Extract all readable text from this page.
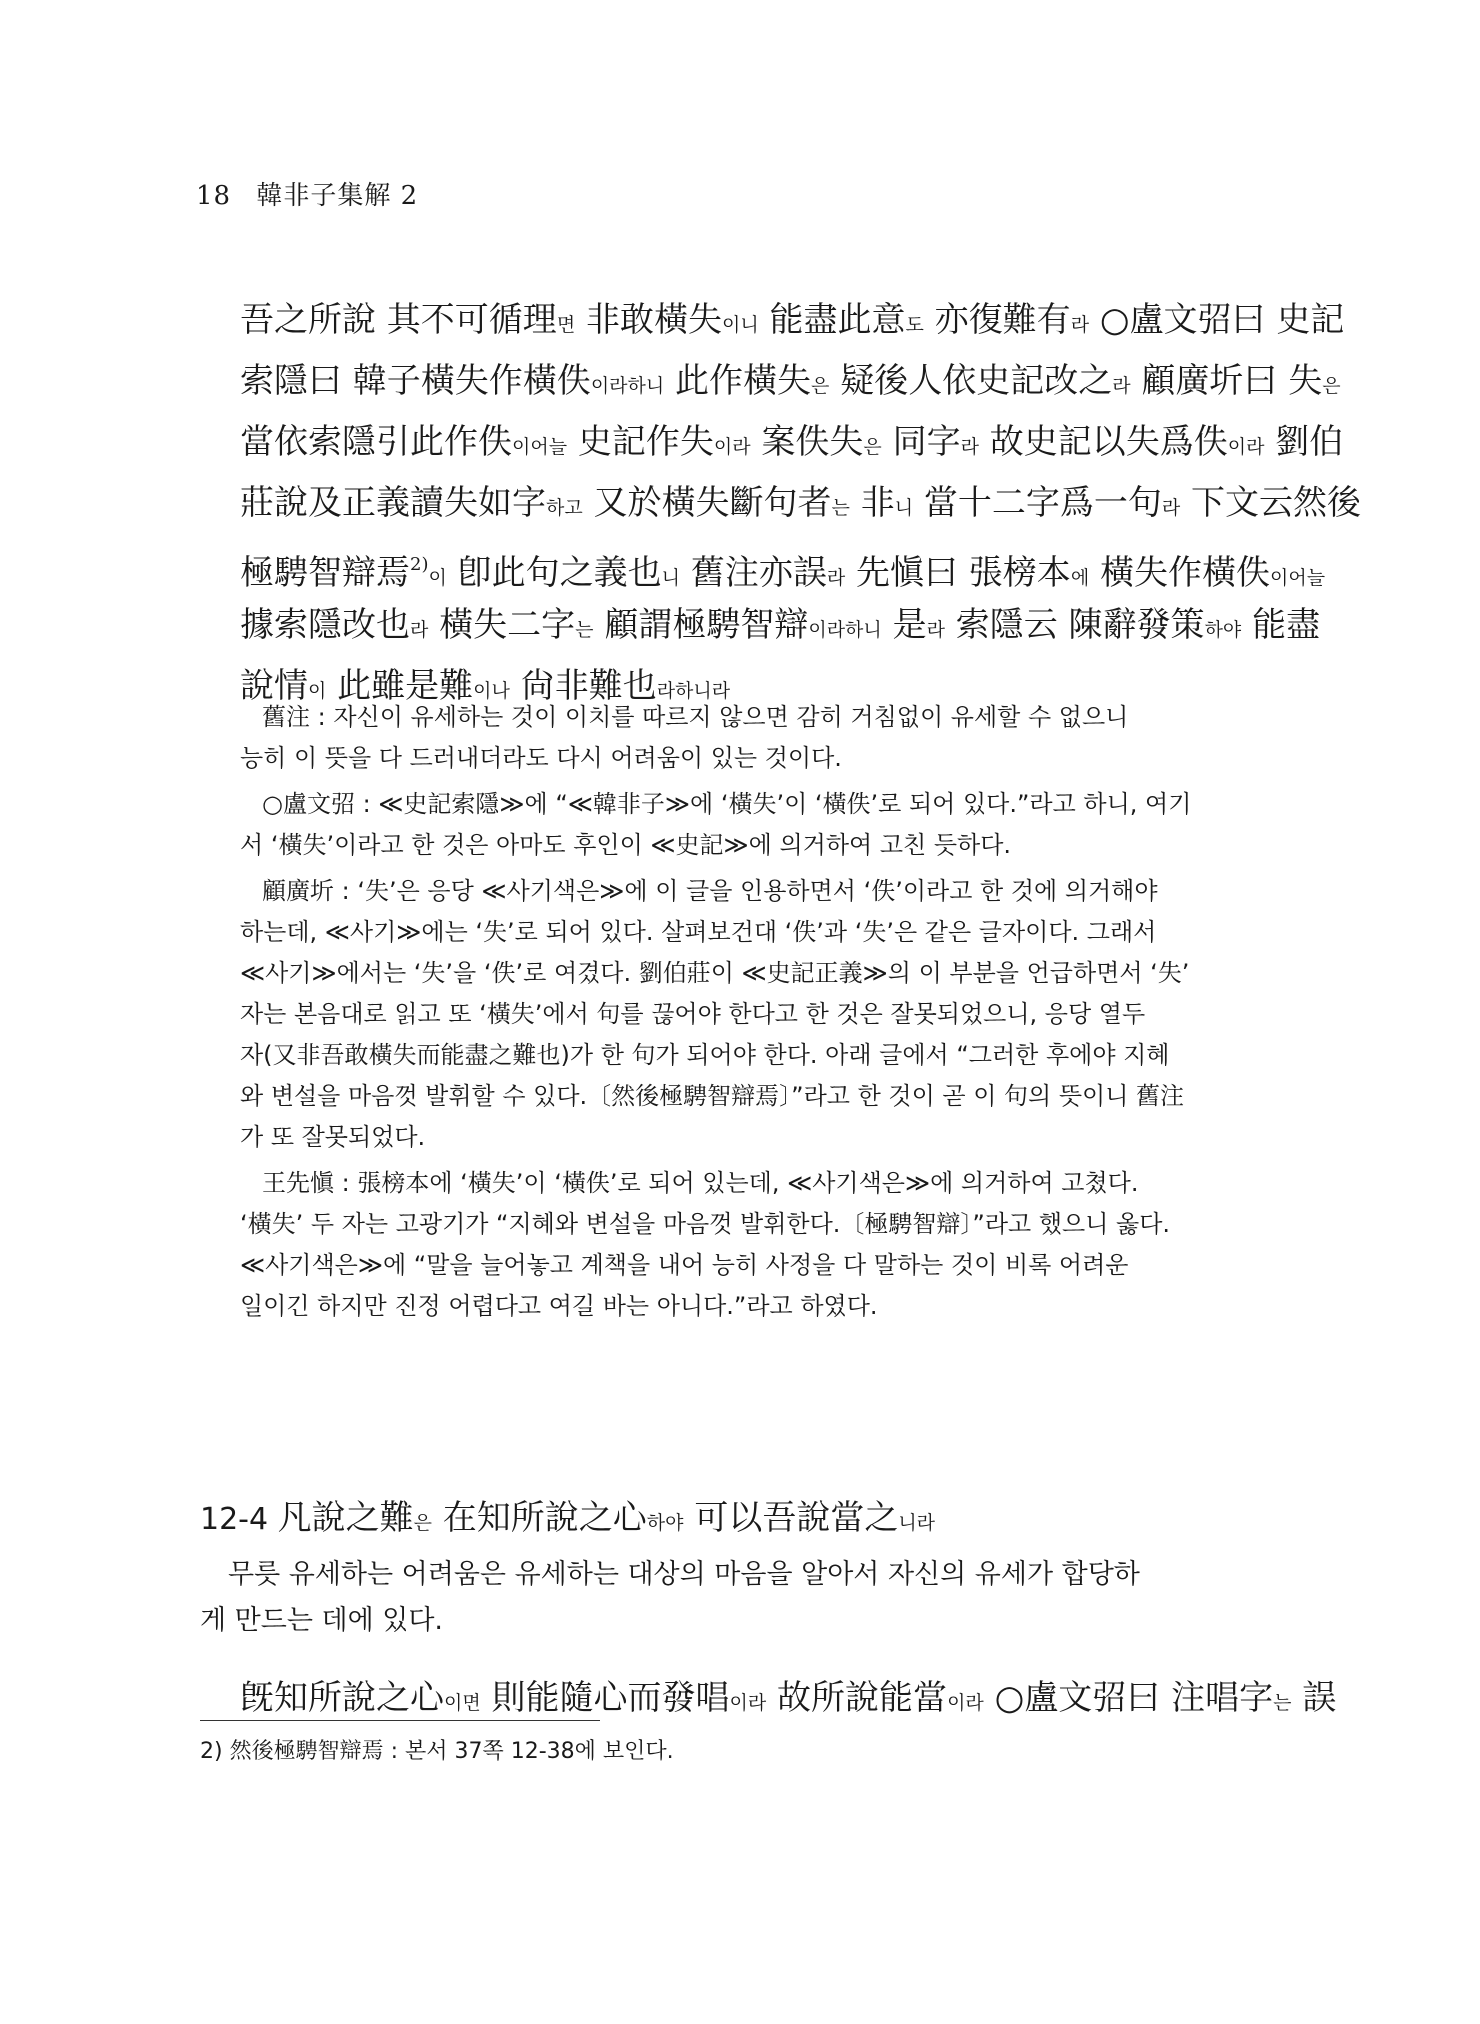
18 韓非子集解 2
吾之所說 其不可循理면 非敢橫失이니 能盡此意도 亦復難有라 ○盧文弨曰 史記
索隱曰 韓子橫失作橫佚이라하니 此作橫失은 疑後人依史記改之라 顧廣圻曰 失은
當依索隱引此作佚이어늘 史記作失이라 案佚失은 同字라 故史記以失爲佚이라 劉伯
莊說及正義讀失如字하고 又於橫失斷句者는 非니 當十二字爲一句라 下文云然後
極騁智辯焉$^{2)}$이 卽此句之義也니 舊注亦誤라 先愼曰 張榜本에 橫失作橫佚이어늘
據索隱改也라 橫失二字는 顧謂極騁智辯이라하니 是라 索隱云 陳辭發策하야 能盡
說情이 此雖是難이나 尙非難也라하니라
舊注 : 자신이 유세하는 것이 이치를 따르지 않으면 감히 거침없이 유세할 수 없으니
능히 이 뜻을 다 드러내더라도 다시 어려움이 있는 것이다.
○盧文弨 : ≪史記索隱≫에 “≪韓非子≫에 ‘橫失’이 ‘橫佚’로 되어 있다.”라고 하니, 여기
서 ‘橫失’이라고 한 것은 아마도 후인이 ≪史記≫에 의거하여 고친 듯하다.
顧廣圻 : ‘失’은 응당 ≪사기색은≫에 이 글을 인용하면서 ‘佚’이라고 한 것에 의거해야
하는데, ≪사기≫에는 ‘失’로 되어 있다. 살펴보건대 ‘佚’과 ‘失’은 같은 글자이다. 그래서
≪사기≫에서는 ‘失’을 ‘佚’로 여겼다. 劉伯莊이 ≪史記正義≫의 이 부분을 언급하면서 ‘失’
자는 본음대로 읽고 또 ‘橫失’에서 句를 끊어야 한다고 한 것은 잘못되었으니, 응당 열두
자(又非吾敢橫失而能盡之難也)가 한 句가 되어야 한다. 아래 글에서 “그러한 후에야 지혜
와 변설을 마음껏 발휘할 수 있다.〔然後極騁智辯焉〕”라고 한 것이 곧 이 句의 뜻이니 舊注
가 또 잘못되었다.
王先愼 : 張榜本에 ‘橫失’이 ‘橫佚’로 되어 있는데, ≪사기색은≫에 의거하여 고쳤다.
‘橫失’ 두 자는 고광기가 “지혜와 변설을 마음껏 발휘한다.〔極騁智辯〕”라고 했으니 옳다.
≪사기색은≫에 “말을 늘어놓고 계책을 내어 능히 사정을 다 말하는 것이 비록 어려운
일이긴 하지만 진정 어렵다고 여길 바는 아니다.”라고 하였다.
12-4 凡說之難은 在知所說之心하야 可以吾說當之니라
무릇 유세하는 어려움은 유세하는 대상의 마음을 알아서 자신의 유세가 합당하
게 만드는 데에 있다.
旣知所說之心이면 則能隨心而發唱이라 故所說能當이라 ○盧文弨曰 注唱字는 誤
2) 然後極騁智辯焉 : 본서 37쪽 12-38에 보인다.
